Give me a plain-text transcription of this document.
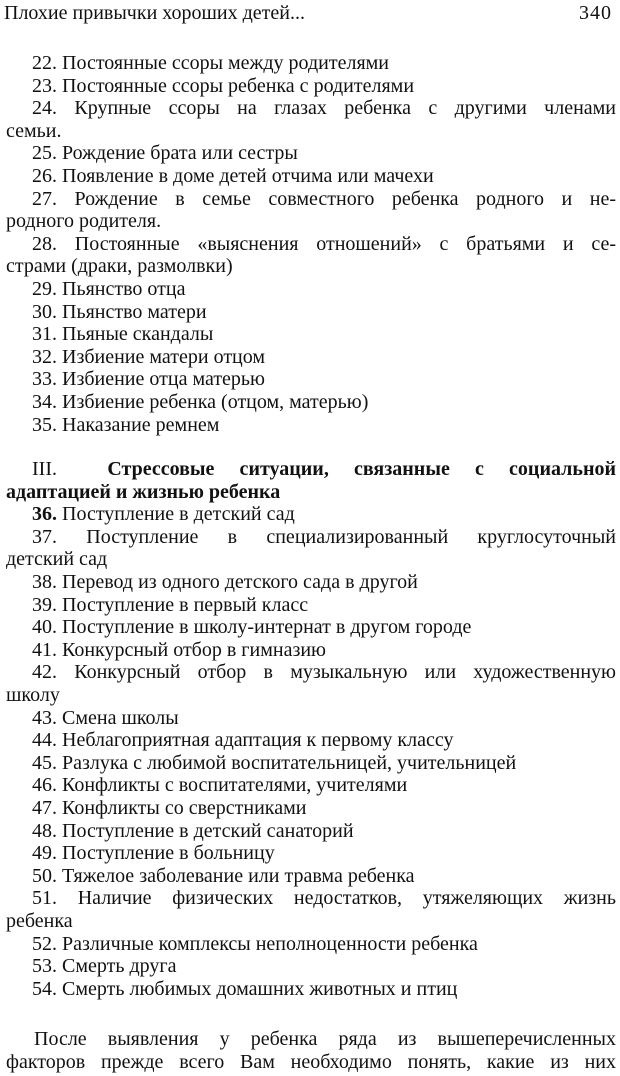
Плохие привычки хороших детей...	340
22. Постоянные ссоры между родителями
23. Постоянные ссоры ребенка с родителями
24. Крупные ссоры на глазах ребенка с другими членами
семьи.
25. Рождение брата или сестры
26. Появление в доме детей отчима или мачехи
27. Рождение в семье совместного ребенка родного и не-
родного родителя.
28. Постоянные «выяснения отношений» с братьями и се-
страми (драки, размолвки)
29. Пьянство отца
30. Пьянство матери
31. Пьяные скандалы
32. Избиение матери отцом
33. Избиение отца матерью
34. Избиение ребенка (отцом, матерью)
35. Наказание ремнем
III.	Стрессовые ситуации, связанные с социальной
адаптацией и жизнью ребенка
36. Поступление в детский сад
37. Поступление в специализированный круглосуточный
детский сад
38. Перевод из одного детского сада в другой
39. Поступление в первый класс
40. Поступление в школу-интернат в другом городе
41. Конкурсный отбор в гимназию
42. Конкурсный отбор в музыкальную или художественную
школу
43. Смена школы
44. Неблагоприятная адаптация к первому классу
45. Разлука с любимой воспитательницей, учительницей
46. Конфликты с воспитателями, учителями
47. Конфликты со сверстниками
48. Поступление в детский санаторий
49. Поступление в больницу
50. Тяжелое заболевание или травма ребенка
51. Наличие физических недостатков, утяжеляющих жизнь
ребенка
52. Различные комплексы неполноценности ребенка
53. Смерть друга
54. Смерть любимых домашних животных и птиц
После выявления у ребенка ряда из вышеперечисленных
факторов прежде всего Вам необходимо понять, какие из них
